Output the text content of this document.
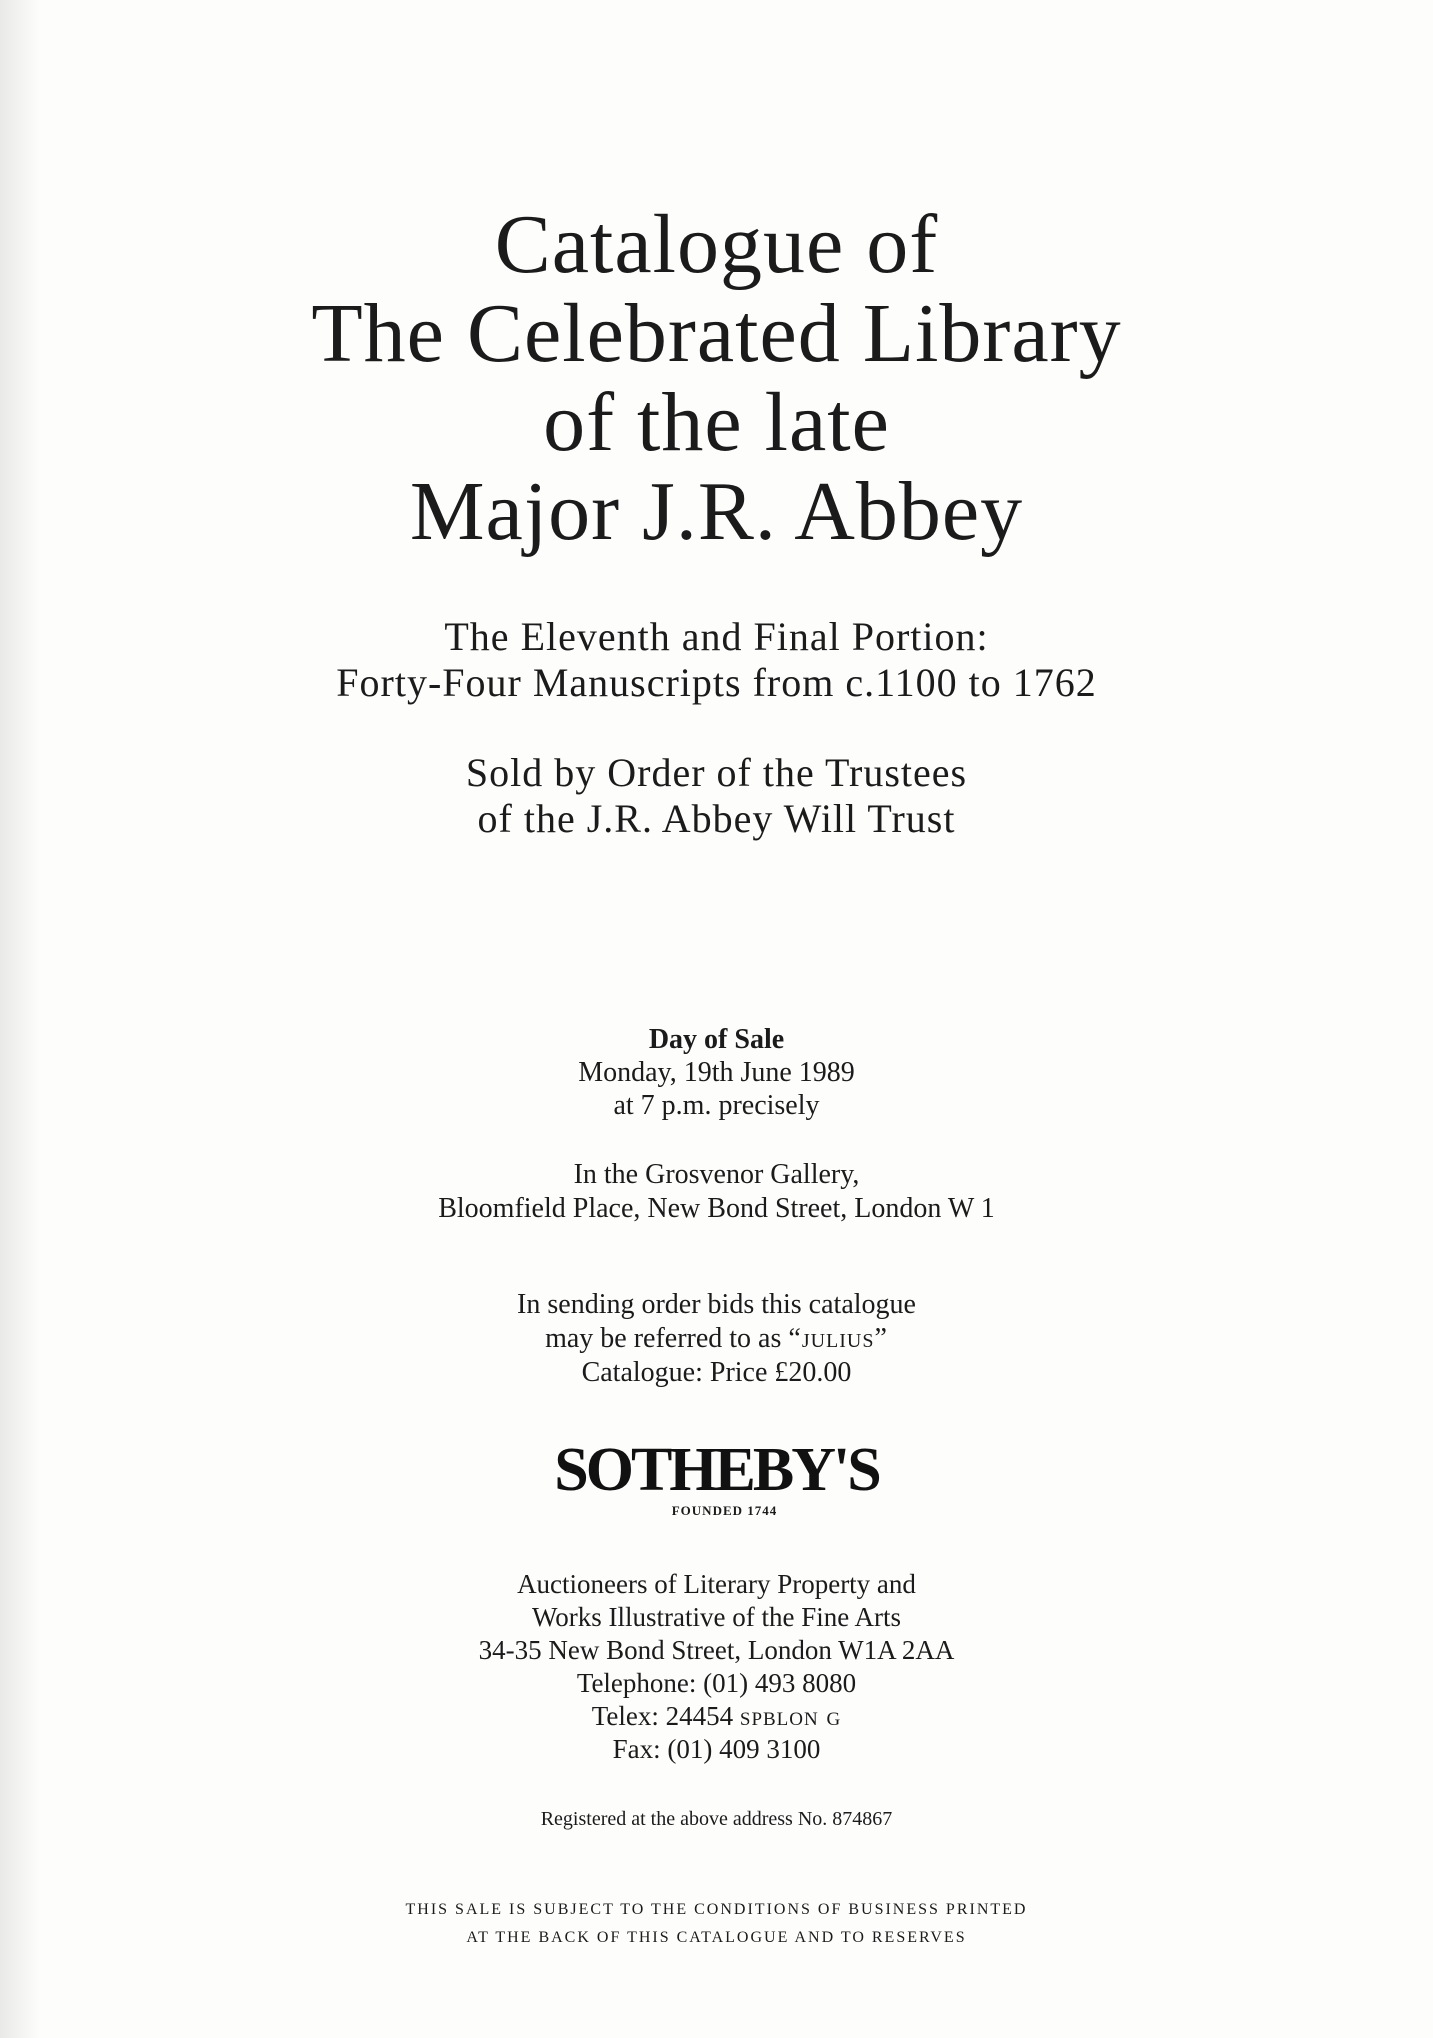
Catalogue of
The Celebrated Library
of the late
Major J.R. Abbey
The Eleventh and Final Portion:
Forty-Four Manuscripts from c.1100 to 1762
Sold by Order of the Trustees
of the J.R. Abbey Will Trust
Day of Sale
Monday, 19th June 1989
at 7 p.m. precisely
In the Grosvenor Gallery,
Bloomfield Place, New Bond Street, London W 1
In sending order bids this catalogue
may be referred to as “julius”
Catalogue: Price £20.00
SOTHEBY'S
FOUNDED 1744
Auctioneers of Literary Property and
Works Illustrative of the Fine Arts
34-35 New Bond Street, London W1A 2AA
Telephone: (01) 493 8080
Telex: 24454 spblon g
Fax: (01) 409 3100
Registered at the above address No. 874867
THIS SALE IS SUBJECT TO THE CONDITIONS OF BUSINESS PRINTED
AT THE BACK OF THIS CATALOGUE AND TO RESERVES
